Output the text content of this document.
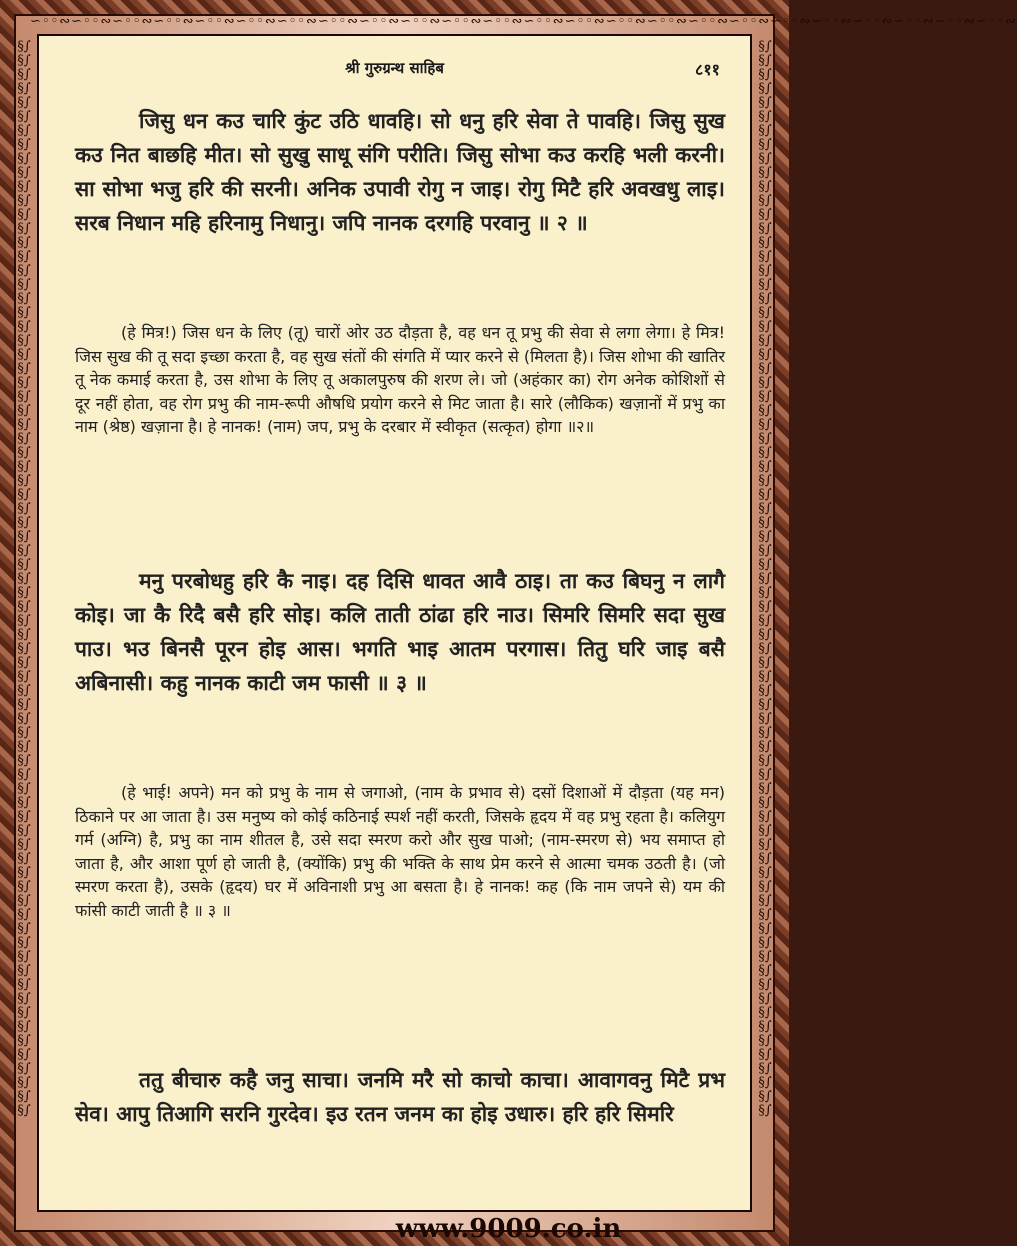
∽◦◦∾∽◦◦∾∽◦◦∾∽◦◦∾∽◦◦∾∽◦◦∾∽◦◦∾∽◦◦∾∽◦◦∾∽◦◦∾∽◦◦∾∽◦◦∾∽◦◦∾∽◦◦∾∽◦◦∾∽◦◦∾∽◦◦∾∽◦◦∾∽◦◦∾∽◦◦∾∽◦◦∾∽◦◦∾∽◦◦∾∽◦◦∾
§∫§∫§∫§∫§∫§∫§∫§∫§∫§∫§∫§∫§∫§∫§∫§∫§∫§∫§∫§∫§∫§∫§∫§∫§∫§∫§∫§∫§∫§∫§∫§∫§∫§∫§∫§∫§∫§∫§∫§∫§∫§∫§∫§∫§∫§∫§∫§∫§∫§∫§∫§∫§∫§∫§∫§∫§∫§∫§∫§∫§∫§∫§∫§∫§∫§∫§∫§∫§∫§∫§∫§∫§∫§∫§∫§∫§∫
§∫§∫§∫§∫§∫§∫§∫§∫§∫§∫§∫§∫§∫§∫§∫§∫§∫§∫§∫§∫§∫§∫§∫§∫§∫§∫§∫§∫§∫§∫§∫§∫§∫§∫§∫§∫§∫§∫§∫§∫§∫§∫§∫§∫§∫§∫§∫§∫§∫§∫§∫§∫§∫§∫§∫§∫§∫§∫§∫§∫§∫§∫§∫§∫§∫§∫§∫§∫§∫§∫§∫§∫§∫§∫§∫§∫§∫
श्री गुरुग्रन्थ साहिब	८११
जिसु धन कउ चारि कुंट उठि धावहि। सो धनु हरि सेवा ते पावहि। जिसु सुख कउ नित बाछहि मीत। सो सुखु साधू संगि परीति। जिसु सोभा कउ करहि भली करनी। सा सोभा भजु हरि की सरनी। अनिक उपावी रोगु न जाइ। रोगु मिटै हरि अवखधु लाइ। सरब निधान महि हरिनामु निधानु। जपि नानक दरगहि परवानु ॥ २ ॥
(हे मित्र!) जिस धन के लिए (तू) चारों ओर उठ दौड़ता है, वह धन तू प्रभु की सेवा से लगा लेगा। हे मित्र! जिस सुख की तू सदा इच्छा करता है, वह सुख संतों की संगति में प्यार करने से (मिलता है)। जिस शोभा की खातिर तू नेक कमाई करता है, उस शोभा के लिए तू अकालपुरुष की शरण ले। जो (अहंकार का) रोग अनेक कोशिशों से दूर नहीं होता, वह रोग प्रभु की नाम-रूपी औषधि प्रयोग करने से मिट जाता है। सारे (लौकिक) खज़ानों में प्रभु का नाम (श्रेष्ठ) खज़ाना है। हे नानक! (नाम) जप, प्रभु के दरबार में स्वीकृत (सत्कृत) होगा ॥२॥
मनु परबोधहु हरि कै नाइ। दह दिसि धावत आवै ठाइ। ता कउ बिघनु न लागै कोइ। जा कै रिदै बसै हरि सोइ। कलि ताती ठांढा हरि नाउ। सिमरि सिमरि सदा सुख पाउ। भउ बिनसै पूरन होइ आस। भगति भाइ आतम परगास। तितु घरि जाइ बसै अबिनासी। कहु नानक काटी जम फासी ॥ ३ ॥
(हे भाई! अपने) मन को प्रभु के नाम से जगाओ, (नाम के प्रभाव से) दसों दिशाओं में दौड़ता (यह मन) ठिकाने पर आ जाता है। उस मनुष्य को कोई कठिनाई स्पर्श नहीं करती, जिसके हृदय में वह प्रभु रहता है। कलियुग गर्म (अग्नि) है, प्रभु का नाम शीतल है, उसे सदा स्मरण करो और सुख पाओ; (नाम-स्मरण से) भय समाप्त हो जाता है, और आशा पूर्ण हो जाती है, (क्योंकि) प्रभु की भक्ति के साथ प्रेम करने से आत्मा चमक उठती है। (जो स्मरण करता है), उसके (हृदय) घर में अविनाशी प्रभु आ बसता है। हे नानक! कह (कि नाम जपने से) यम की फांसी काटी जाती है ॥ ३ ॥
ततु बीचारु कहै जनु साचा। जनमि मरै सो काचो काचा। आवागवनु मिटै प्रभ सेव। आपु तिआगि सरनि गुरदेव। इउ रतन जनम का होइ उधारु। हरि हरि सिमरि
www.9009.co.in
